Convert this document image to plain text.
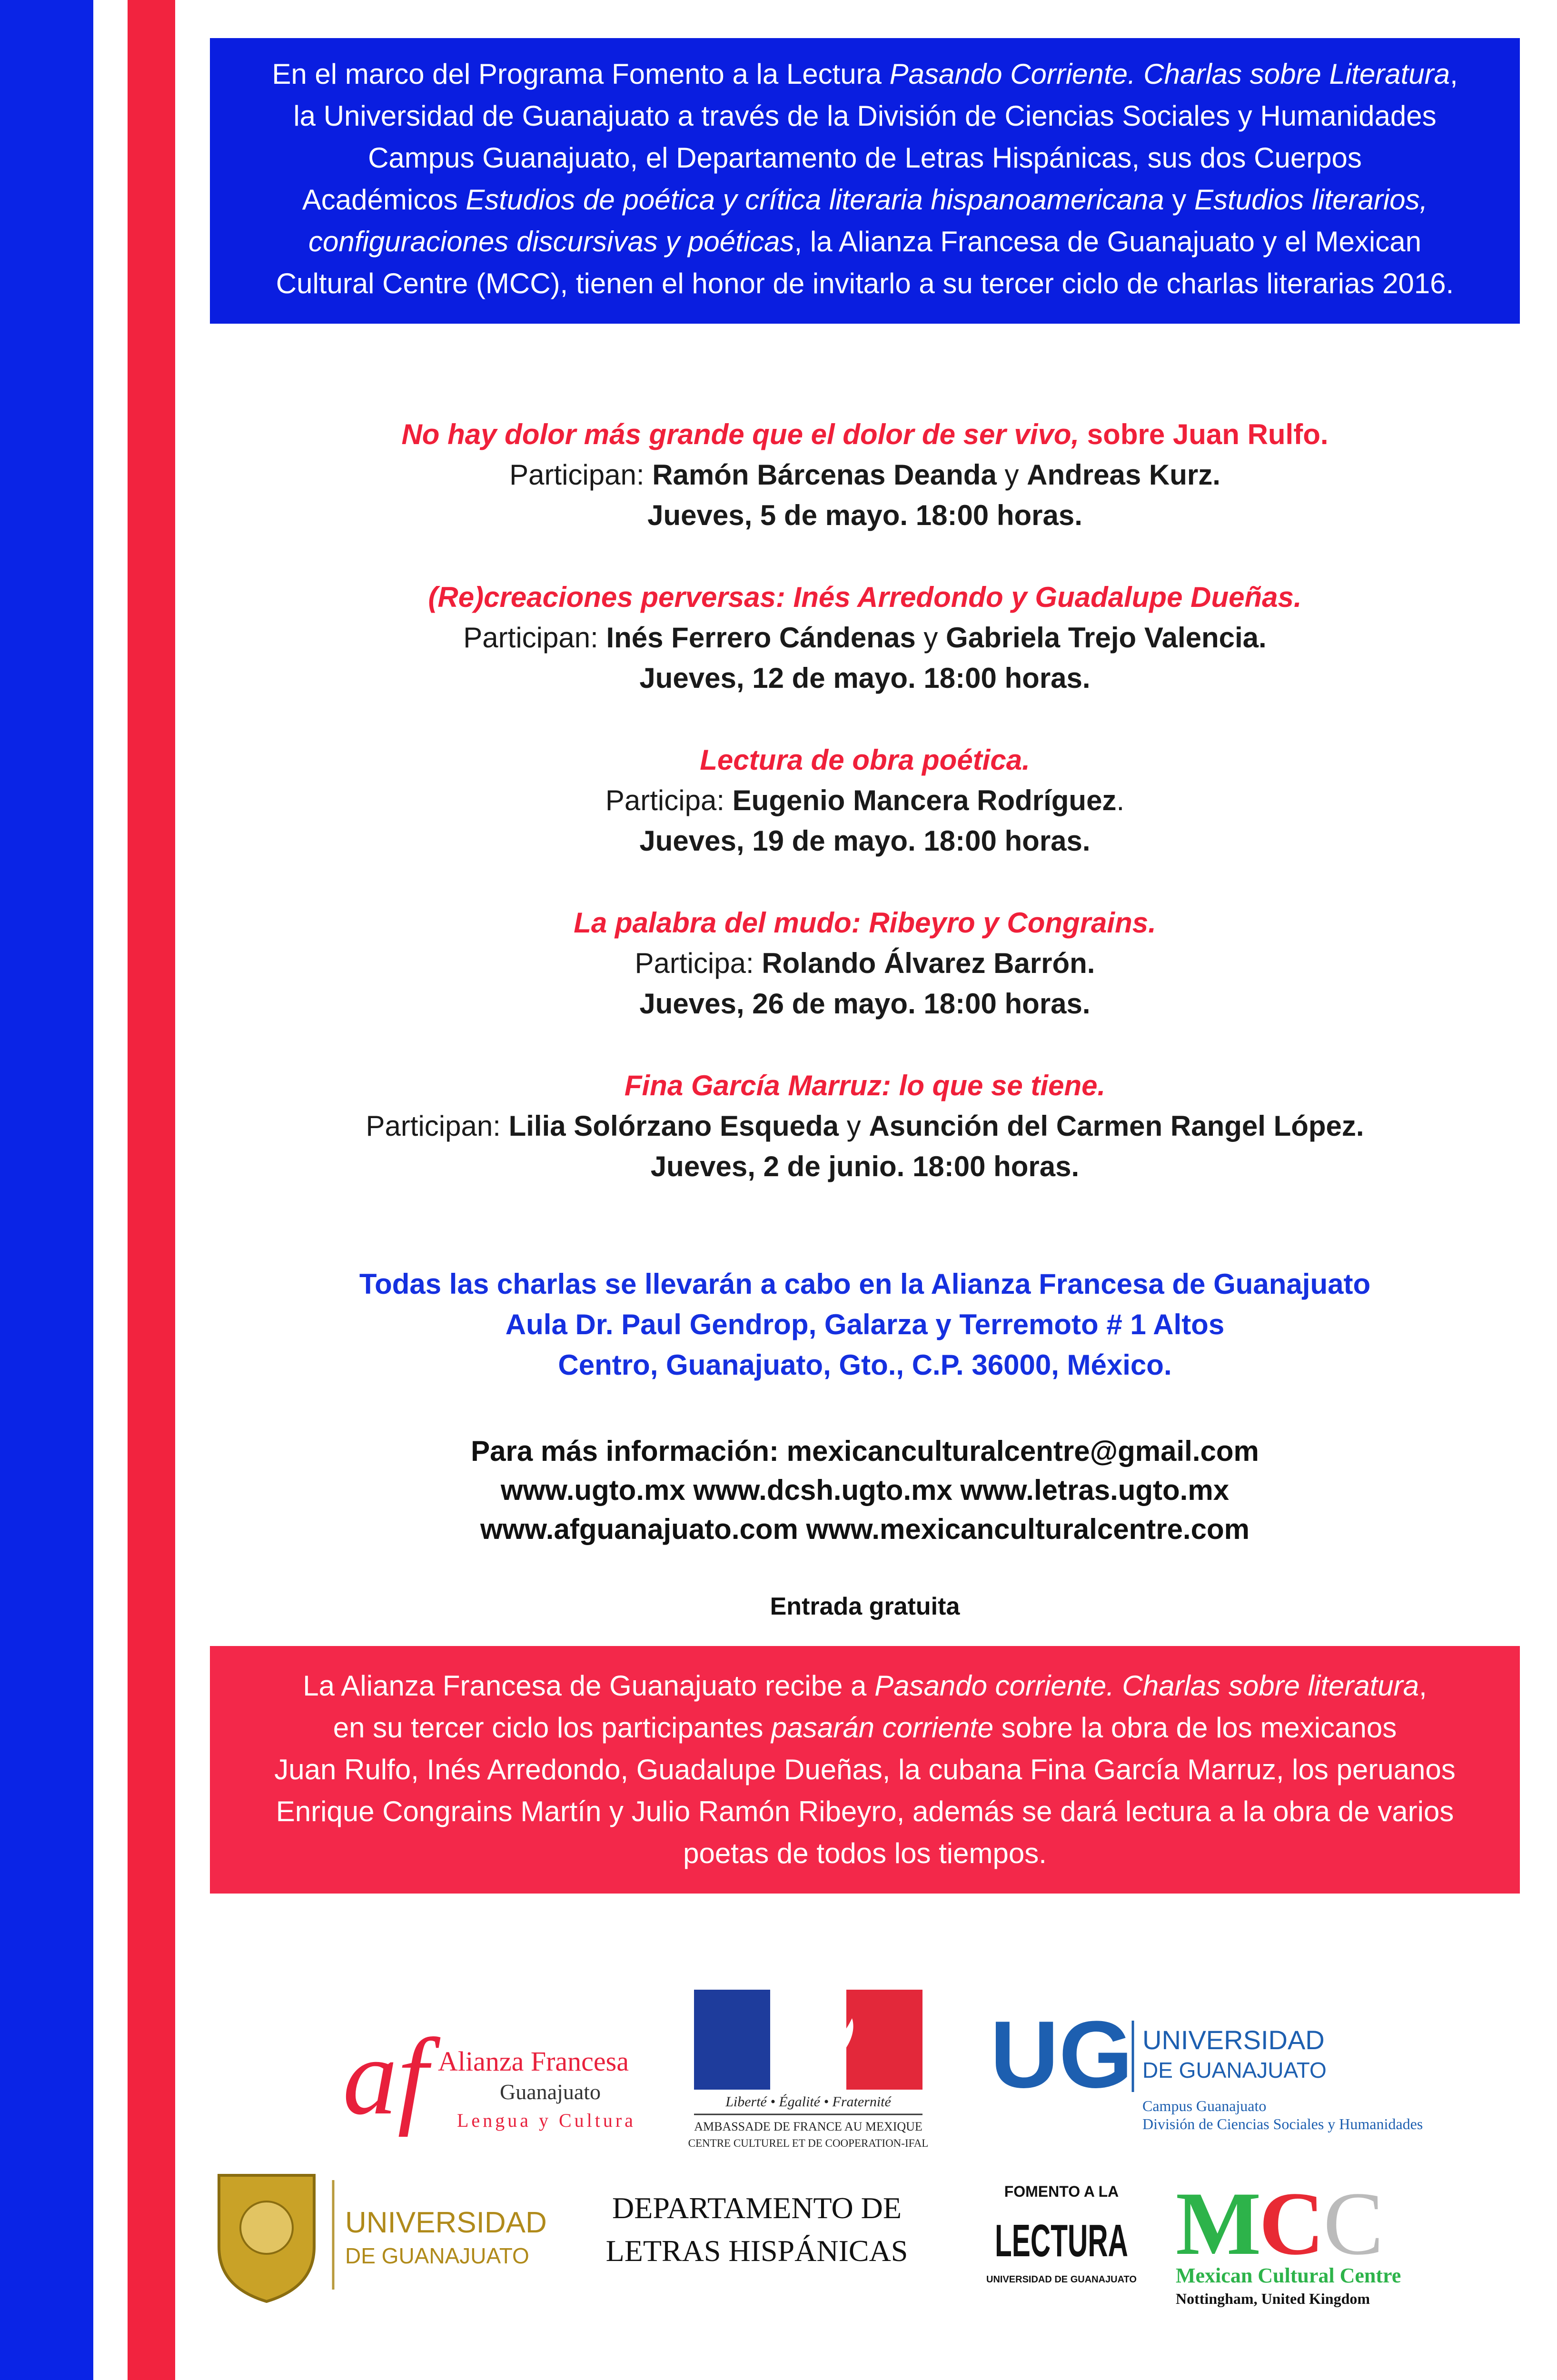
En el marco del Programa Fomento a la Lectura Pasando Corriente. Charlas sobre Literatura,
la Universidad de Guanajuato a través de la División de Ciencias Sociales y Humanidades
Campus Guanajuato, el Departamento de Letras Hispánicas, sus dos Cuerpos
Académicos Estudios de poética y crítica literaria hispanoamericana y Estudios literarios,
configuraciones discursivas y poéticas, la Alianza Francesa de Guanajuato y el Mexican
Cultural Centre (MCC), tienen el honor de invitarlo a su tercer ciclo de charlas literarias 2016.
No hay dolor más grande que el dolor de ser vivo, sobre Juan Rulfo.
Participan: Ramón Bárcenas Deanda y Andreas Kurz.
Jueves, 5 de mayo. 18:00 horas.
(Re)creaciones perversas: Inés Arredondo y Guadalupe Dueñas.
Participan: Inés Ferrero Cándenas y Gabriela Trejo Valencia.
Jueves, 12 de mayo. 18:00 horas.
Lectura de obra poética.
Participa: Eugenio Mancera Rodríguez.
Jueves, 19 de mayo. 18:00 horas.
La palabra del mudo: Ribeyro y Congrains.
Participa: Rolando Álvarez Barrón.
Jueves, 26 de mayo. 18:00 horas.
Fina García Marruz: lo que se tiene.
Participan: Lilia Solórzano Esqueda y Asunción del Carmen Rangel López.
Jueves, 2 de junio. 18:00 horas.
Todas las charlas se llevarán a cabo en la Alianza Francesa de Guanajuato
Aula Dr. Paul Gendrop, Galarza y Terremoto # 1 Altos
Centro, Guanajuato, Gto., C.P. 36000, México.
Para más información: mexicanculturalcentre@gmail.com
www.ugto.mx www.dcsh.ugto.mx www.letras.ugto.mx
www.afguanajuato.com www.mexicanculturalcentre.com
Entrada gratuita
La Alianza Francesa de Guanajuato recibe a Pasando corriente. Charlas sobre literatura,
en su tercer ciclo los participantes pasarán corriente sobre la obra de los mexicanos
Juan Rulfo, Inés Arredondo, Guadalupe Dueñas, la cubana Fina García Marruz, los peruanos
Enrique Congrains Martín y Julio Ramón Ribeyro, además se dará lectura a la obra de varios
poetas de todos los tiempos.
af Alianza Francesa
Guanajuato
Lengua y Cultura
Liberté • Égalité • Fraternité
AMBASSADE DE FRANCE AU MEXIQUE
CENTRE CULTUREL ET DE COOPERATION-IFAL
UG UNIVERSIDAD
DE GUANAJUATO
Campus Guanajuato
División de Ciencias Sociales y Humanidades
UNIVERSIDAD
DE GUANAJUATO
DEPARTAMENTO DE
LETRAS HISPÁNICAS
FOMENTO A LA
LECTURA
UNIVERSIDAD DE GUANAJUATO
M
C
C
Mexican Cultural Centre
Nottingham, United Kingdom
